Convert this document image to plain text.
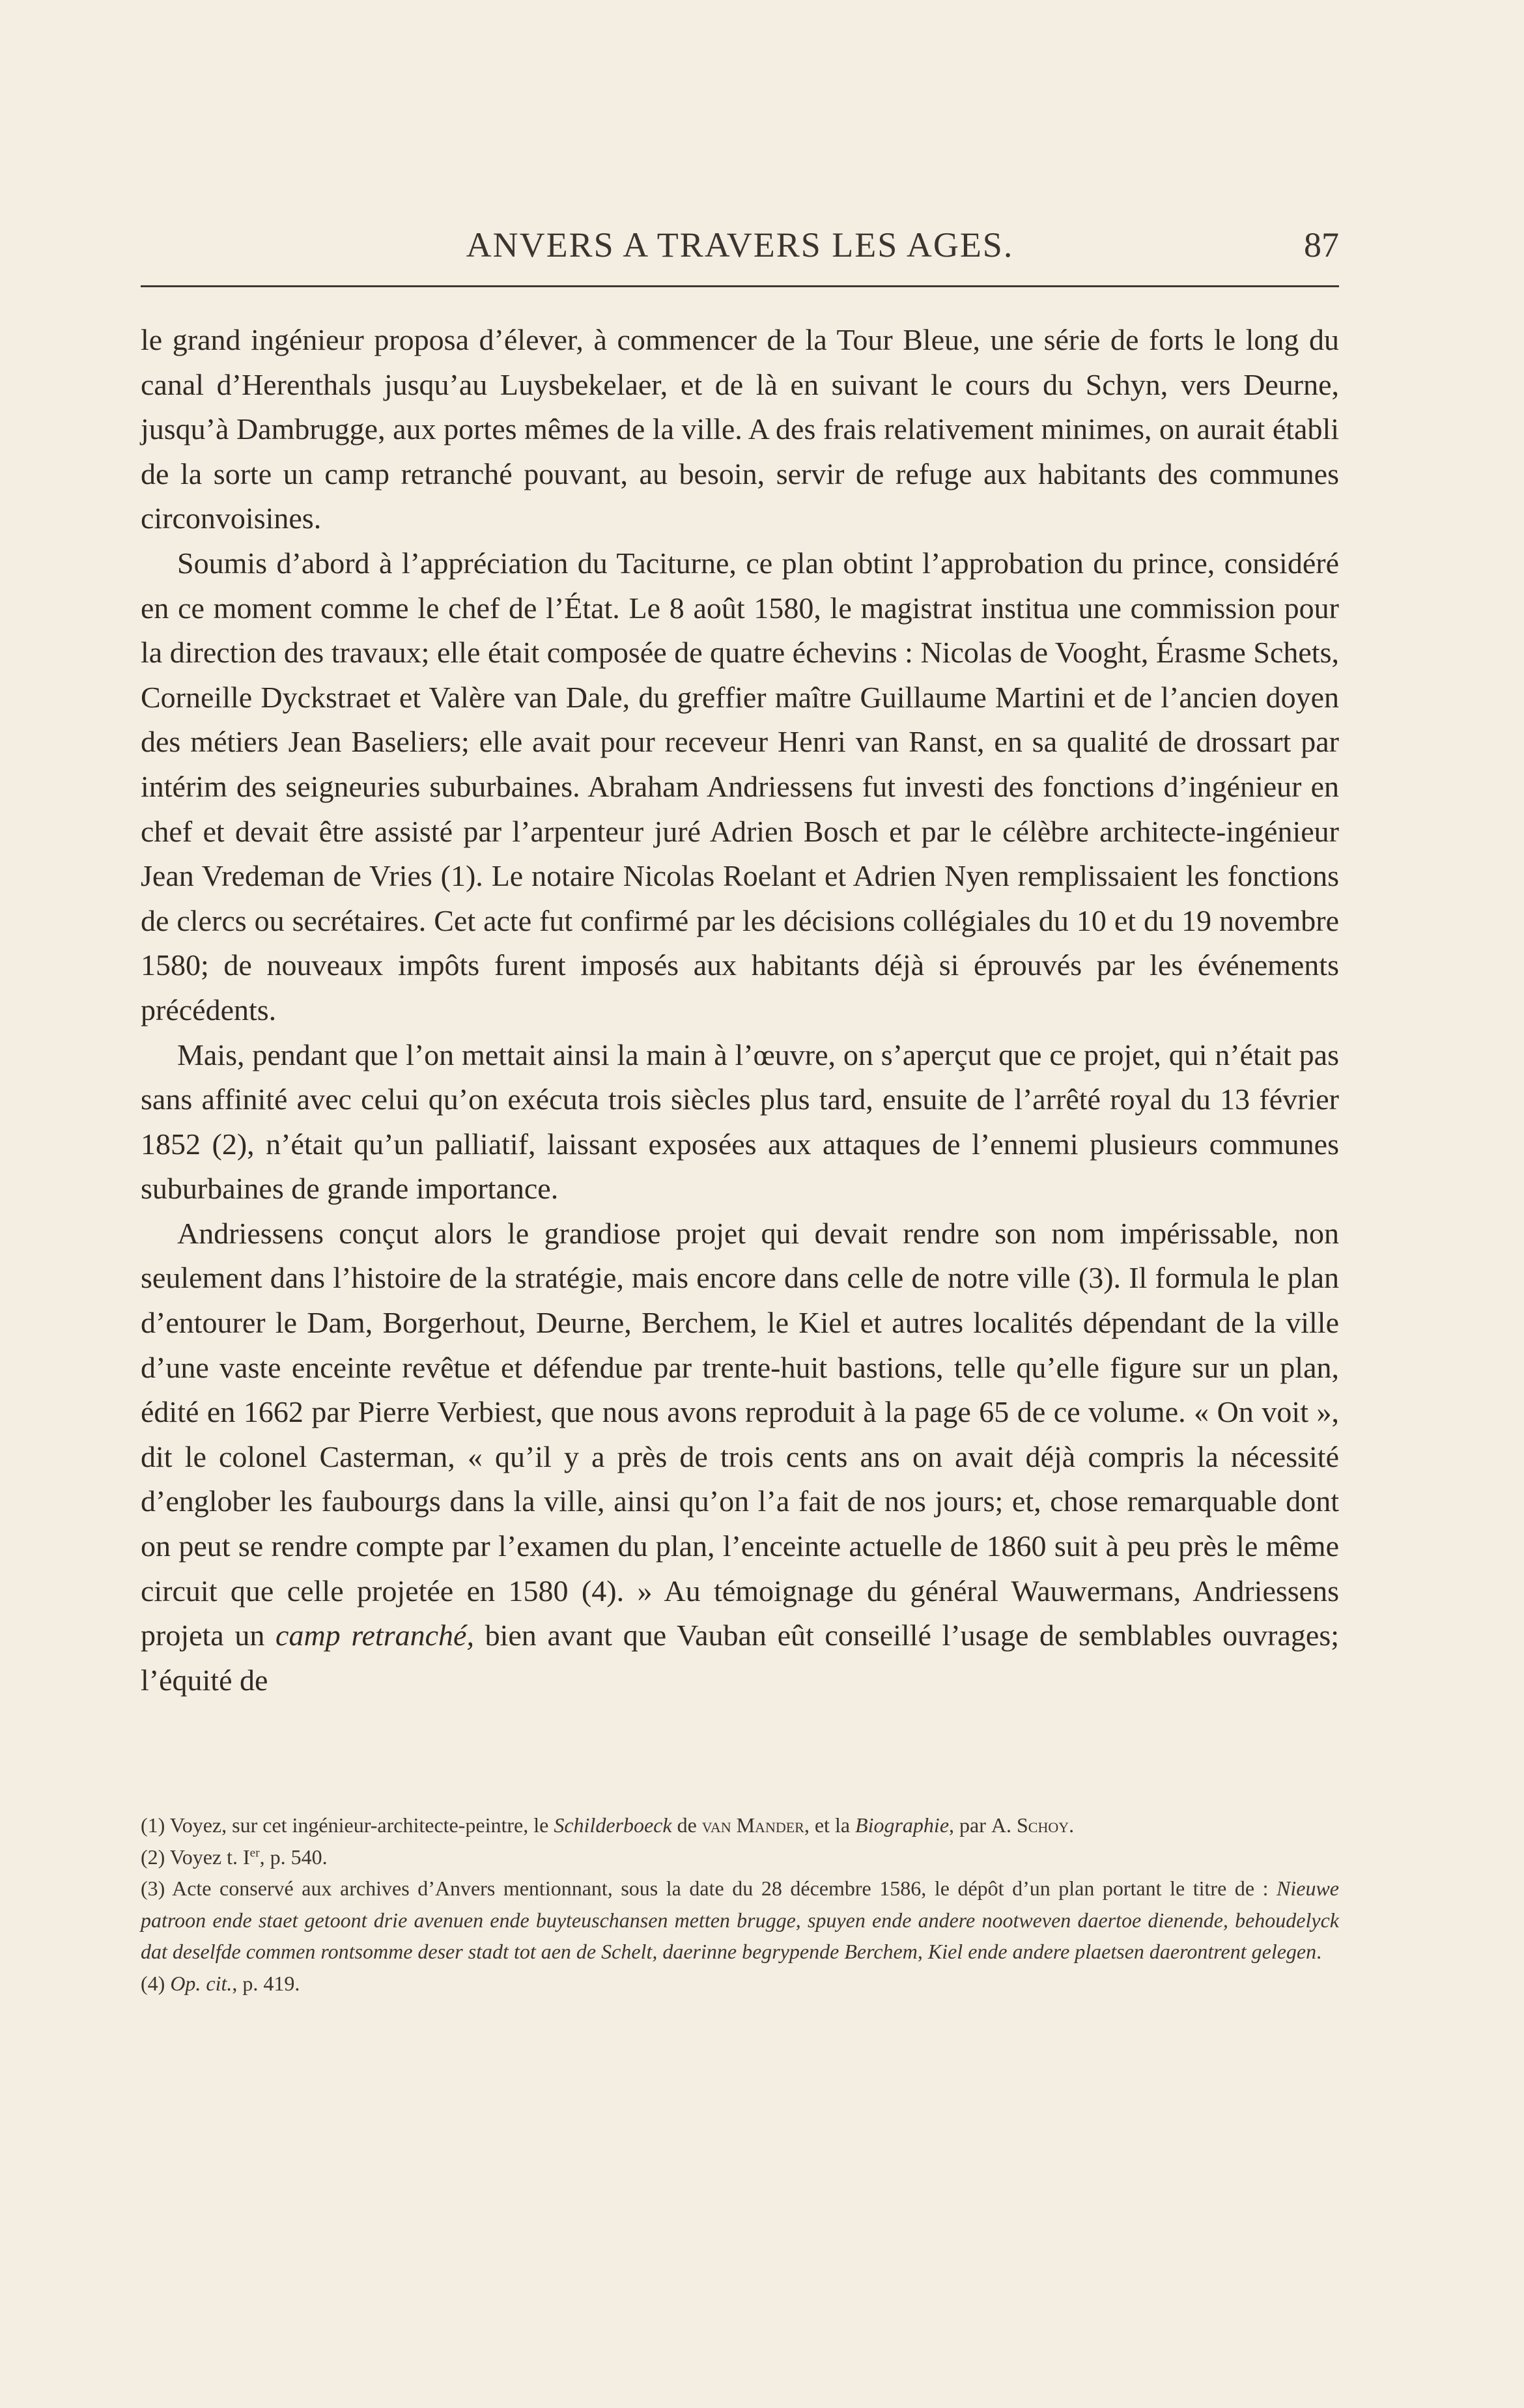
ANVERS A TRAVERS LES AGES.	87

le grand ingénieur proposa d’élever, à commencer de la Tour Bleue, une série de forts le long du canal d’Herenthals jusqu’au Luysbekelaer, et de là en suivant le cours du Schyn, vers Deurne, jusqu’à Dambrugge, aux portes mêmes de la ville. A des frais relativement minimes, on aurait établi de la sorte un camp retranché pouvant, au besoin, servir de refuge aux habitants des communes circonvoisines.

Soumis d’abord à l’appréciation du Taciturne, ce plan obtint l’approbation du prince, considéré en ce moment comme le chef de l’État. Le 8 août 1580, le magistrat institua une commission pour la direction des travaux; elle était composée de quatre échevins : Nicolas de Vooght, Érasme Schets, Corneille Dyckstraet et Valère van Dale, du greffier maître Guillaume Martini et de l’ancien doyen des métiers Jean Baseliers; elle avait pour receveur Henri van Ranst, en sa qualité de drossart par intérim des seigneuries suburbaines. Abraham Andriessens fut investi des fonctions d’ingénieur en chef et devait être assisté par l’arpenteur juré Adrien Bosch et par le célèbre architecte-ingénieur Jean Vredeman de Vries (1). Le notaire Nicolas Roelant et Adrien Nyen remplissaient les fonctions de clercs ou secrétaires. Cet acte fut confirmé par les décisions collégiales du 10 et du 19 novembre 1580; de nouveaux impôts furent imposés aux habitants déjà si éprouvés par les événements précédents.

Mais, pendant que l’on mettait ainsi la main à l’œuvre, on s’aperçut que ce projet, qui n’était pas sans affinité avec celui qu’on exécuta trois siècles plus tard, ensuite de l’arrêté royal du 13 février 1852 (2), n’était qu’un palliatif, laissant exposées aux attaques de l’ennemi plusieurs communes suburbaines de grande importance.

Andriessens conçut alors le grandiose projet qui devait rendre son nom impérissable, non seulement dans l’histoire de la stratégie, mais encore dans celle de notre ville (3). Il formula le plan d’entourer le Dam, Borgerhout, Deurne, Berchem, le Kiel et autres localités dépendant de la ville d’une vaste enceinte revêtue et défendue par trente-huit bastions, telle qu’elle figure sur un plan, édité en 1662 par Pierre Verbiest, que nous avons reproduit à la page 65 de ce volume. « On voit », dit le colonel Casterman, « qu’il y a près de trois cents ans on avait déjà compris la nécessité d’englober les faubourgs dans la ville, ainsi qu’on l’a fait de nos jours; et, chose remarquable dont on peut se rendre compte par l’examen du plan, l’enceinte actuelle de 1860 suit à peu près le même circuit que celle projetée en 1580 (4). » Au témoignage du général Wauwermans, Andriessens projeta un camp retranché, bien avant que Vauban eût conseillé l’usage de semblables ouvrages; l’équité de

(1) Voyez, sur cet ingénieur-architecte-peintre, le Schilderboeck de van Mander, et la Biographie, par A. Schoy.

(2) Voyez t. Ier, p. 540.

(3) Acte conservé aux archives d’Anvers mentionnant, sous la date du 28 décembre 1586, le dépôt d’un plan portant le titre de : Nieuwe patroon ende staet getoont drie avenuen ende buyteuschansen metten brugge, spuyen ende andere nootweven daertoe dienende, behoudelyck dat deselfde commen rontsomme deser stadt tot aen de Schelt, daerinne begrypende Berchem, Kiel ende andere plaetsen daerontrent gelegen.

(4) Op. cit., p. 419.
